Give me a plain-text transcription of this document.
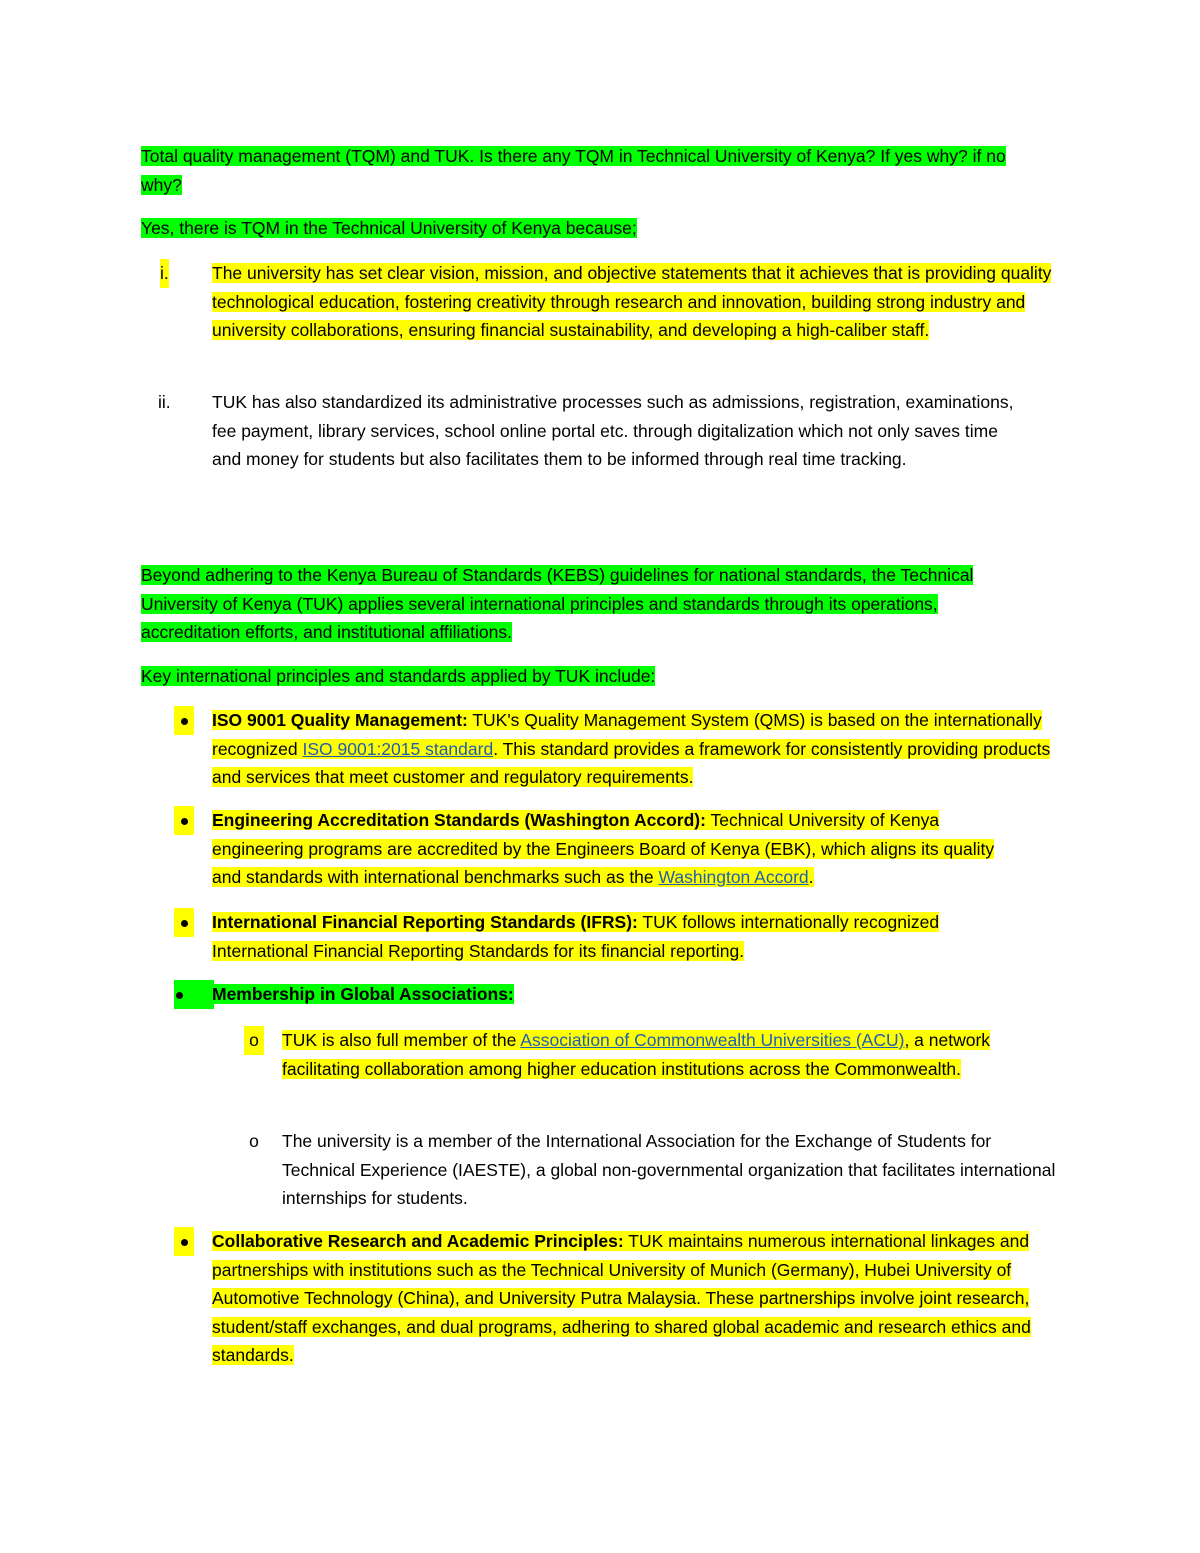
Total quality management (TQM) and TUK. Is there any TQM in Technical University of Kenya? If yes why? if no why?
Yes, there is TQM in the Technical University of Kenya because;
i. The university has set clear vision, mission, and objective statements that it achieves that is providing quality technological education, fostering creativity through research and innovation, building strong industry and university collaborations, ensuring financial sustainability, and developing a high-caliber staff.
ii. TUK has also standardized its administrative processes such as admissions, registration, examinations, fee payment, library services, school online portal etc. through digitalization which not only saves time and money for students but also facilitates them to be informed through real time tracking.
Beyond adhering to the Kenya Bureau of Standards (KEBS) guidelines for national standards, the Technical University of Kenya (TUK) applies several international principles and standards through its operations, accreditation efforts, and institutional affiliations.
Key international principles and standards applied by TUK include:
ISO 9001 Quality Management: TUK's Quality Management System (QMS) is based on the internationally recognized ISO 9001:2015 standard. This standard provides a framework for consistently providing products and services that meet customer and regulatory requirements.
Engineering Accreditation Standards (Washington Accord): Technical University of Kenya engineering programs are accredited by the Engineers Board of Kenya (EBK), which aligns its quality and standards with international benchmarks such as the Washington Accord.
International Financial Reporting Standards (IFRS): TUK follows internationally recognized International Financial Reporting Standards for its financial reporting.
Membership in Global Associations:
o TUK is also full member of the Association of Commonwealth Universities (ACU), a network facilitating collaboration among higher education institutions across the Commonwealth.
o The university is a member of the International Association for the Exchange of Students for Technical Experience (IAESTE), a global non-governmental organization that facilitates international internships for students.
Collaborative Research and Academic Principles: TUK maintains numerous international linkages and partnerships with institutions such as the Technical University of Munich (Germany), Hubei University of Automotive Technology (China), and University Putra Malaysia. These partnerships involve joint research, student/staff exchanges, and dual programs, adhering to shared global academic and research ethics and standards.
